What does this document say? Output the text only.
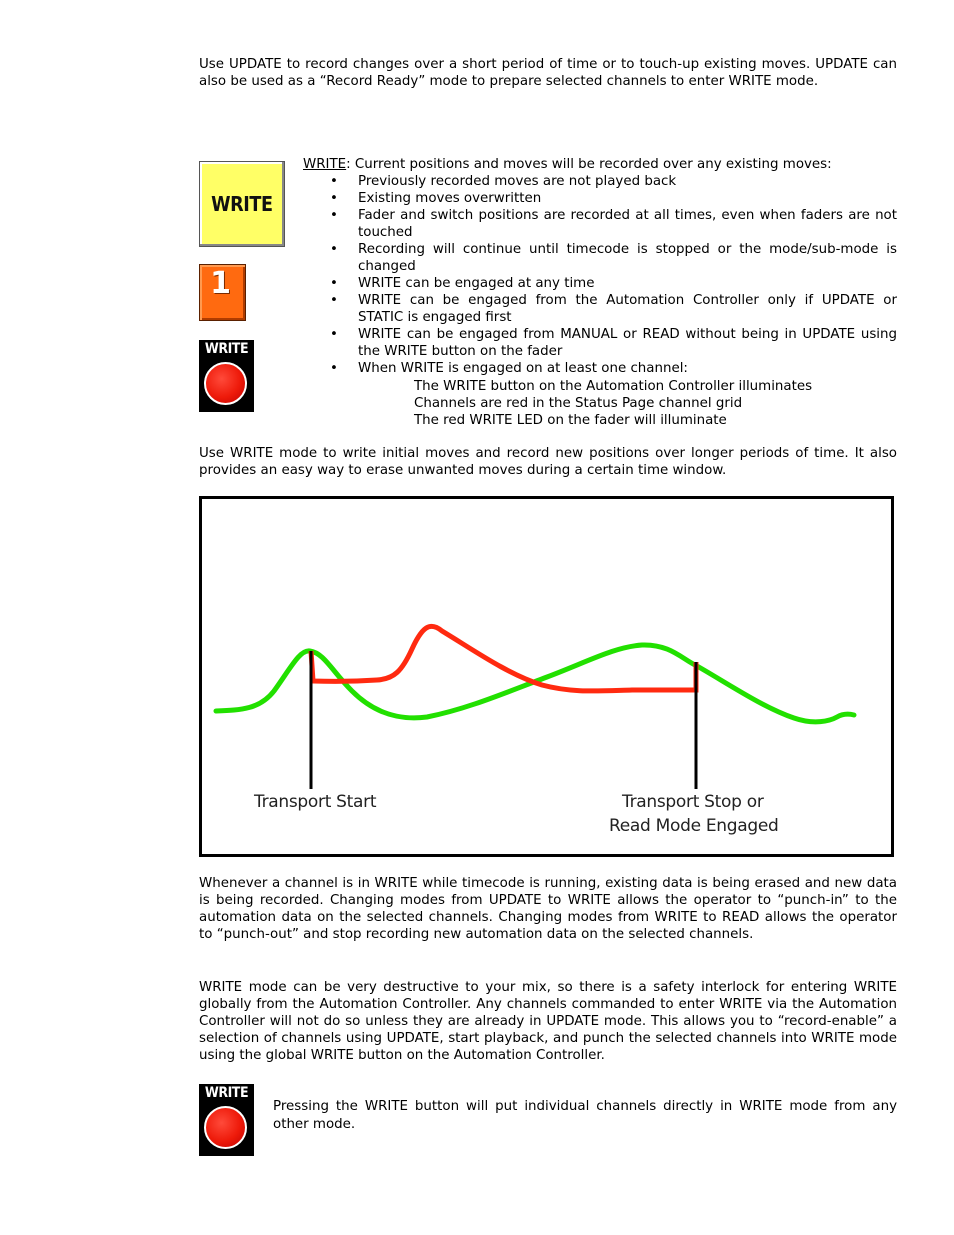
Use UPDATE to record changes over a short period of time or to touch-up existing moves. UPDATE can also be used as a “Record Ready” mode to prepare selected channels to enter WRITE mode.

WRITE
1
WRITE
WRITE: Current positions and moves will be recorded over any existing moves:
• Previously recorded moves are not played back
• Existing moves overwritten
• Fader and switch positions are recorded at all times, even when faders are not touched
• Recording will continue until timecode is stopped or the mode/sub-mode is changed
• WRITE can be engaged at any time
• WRITE can be engaged from the Automation Controller only if UPDATE or STATIC is engaged first
• WRITE can be engaged from MANUAL or READ without being in UPDATE using the WRITE button on the fader
• When WRITE is engaged on at least one channel:
The WRITE button on the Automation Controller illuminates
Channels are red in the Status Page channel grid
The red WRITE LED on the fader will illuminate

Use WRITE mode to write initial moves and record new positions over longer periods of time. It also provides an easy way to erase unwanted moves during a certain time window.

Transport Start	Transport Stop or
Read Mode Engaged

Whenever a channel is in WRITE while timecode is running, existing data is being erased and new data is being recorded. Changing modes from UPDATE to WRITE allows the operator to “punch-in” to the automation data on the selected channels. Changing modes from WRITE to READ allows the operator to “punch-out” and stop recording new automation data on the selected channels.

WRITE mode can be very destructive to your mix, so there is a safety interlock for entering WRITE globally from the Automation Controller. Any channels commanded to enter WRITE via the Automation Controller will not do so unless they are already in UPDATE mode. This allows you to “record-enable” a selection of channels using UPDATE, start playback, and punch the selected channels into WRITE mode using the global WRITE button on the Automation Controller.

WRITE

Pressing the WRITE button will put individual channels directly in WRITE mode from any other mode.
